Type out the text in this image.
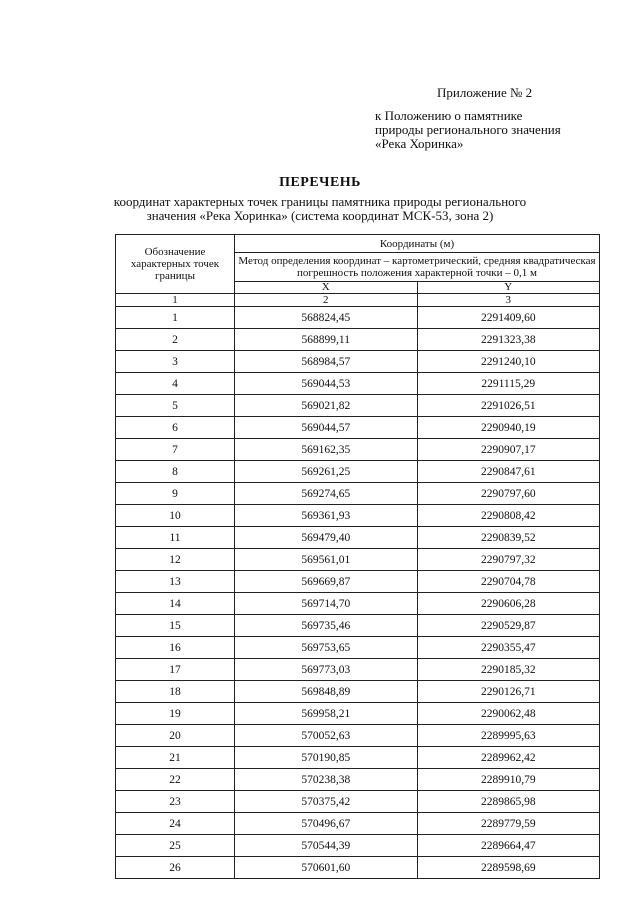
Приложение № 2
к Положению о памятнике
природы регионального значения
«Река Хоринка»
ПЕРЕЧЕНЬ
координат характерных точек границы памятника природы регионального
значения «Река Хоринка» (система координат МСК-53, зона 2)
Обозначение характерных точек границы	Координаты (м)	
	Метод определения координат – картометрический, средняя квадратическая погрешность положения характерной точки – 0,1 м	
	X	Y
1	2	3
1	568824,45	2291409,60
2	568899,11	2291323,38
3	568984,57	2291240,10
4	569044,53	2291115,29
5	569021,82	2291026,51
6	569044,57	2290940,19
7	569162,35	2290907,17
8	569261,25	2290847,61
9	569274,65	2290797,60
10	569361,93	2290808,42
11	569479,40	2290839,52
12	569561,01	2290797,32
13	569669,87	2290704,78
14	569714,70	2290606,28
15	569735,46	2290529,87
16	569753,65	2290355,47
17	569773,03	2290185,32
18	569848,89	2290126,71
19	569958,21	2290062,48
20	570052,63	2289995,63
21	570190,85	2289962,42
22	570238,38	2289910,79
23	570375,42	2289865,98
24	570496,67	2289779,59
25	570544,39	2289664,47
26	570601,60	2289598,69
